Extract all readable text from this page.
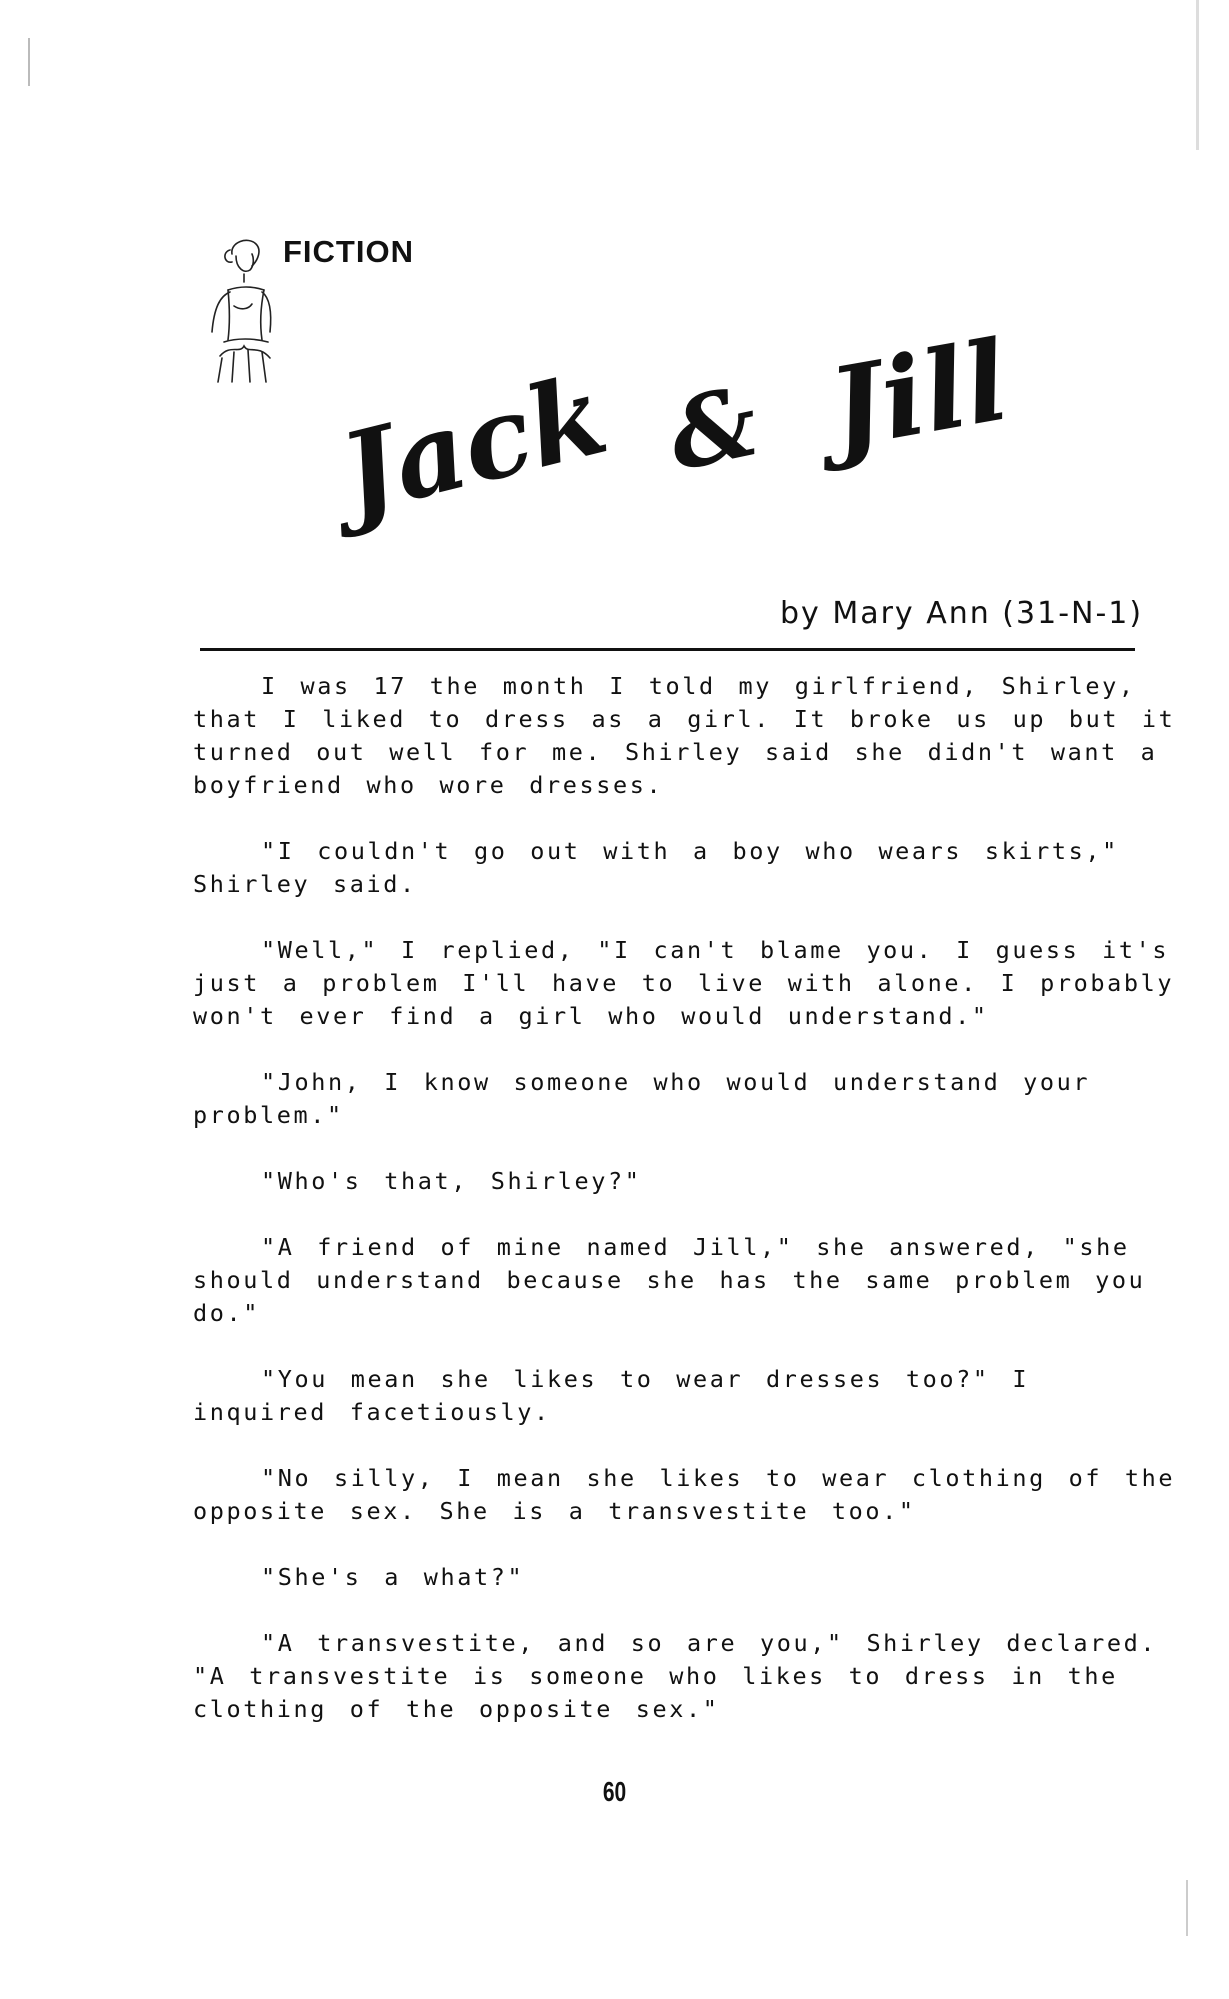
FICTION
Jack & Jill
by Mary Ann (31-N-1)

I was 17 the month I told my girlfriend, Shirley, that I liked to dress as a girl. It broke us up but it turned out well for me. Shirley said she didn't want a boyfriend who wore dresses.

"I couldn't go out with a boy who wears skirts," Shirley said.

"Well," I replied, "I can't blame you. I guess it's just a problem I'll have to live with alone. I probably won't ever find a girl who would understand."

"John, I know someone who would understand your problem."

"Who's that, Shirley?"

"A friend of mine named Jill," she answered, "she should understand because she has the same problem you do."

"You mean she likes to wear dresses too?" I inquired facetiously.

"No silly, I mean she likes to wear clothing of the opposite sex. She is a transvestite too."

"She's a what?"

"A transvestite, and so are you," Shirley declared. "A transvestite is someone who likes to dress in the clothing of the opposite sex."

60
